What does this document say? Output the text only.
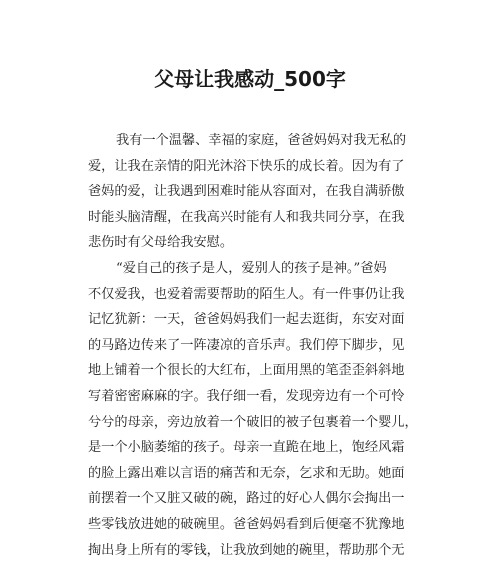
父母让我感动_500字
我有一个温馨、幸福的家庭，爸爸妈妈对我无私的
爱，让我在亲情的阳光沐浴下快乐的成长着。因为有了
爸妈的爱，让我遇到困难时能从容面对，在我自满骄傲
时能头脑清醒，在我高兴时能有人和我共同分享，在我
悲伤时有父母给我安慰。
“爱自己的孩子是人，爱别人的孩子是神。”爸妈
不仅爱我，也爱着需要帮助的陌生人。有一件事仍让我
记忆犹新：一天，爸爸妈妈我们一起去逛街，东安对面
的马路边传来了一阵凄凉的音乐声。我们停下脚步，见
地上铺着一个很长的大红布，上面用黑的笔歪歪斜斜地
写着密密麻麻的字。我仔细一看，发现旁边有一个可怜
兮兮的母亲，旁边放着一个破旧的被子包裹着一个婴儿，
是一个小脑萎缩的孩子。母亲一直跪在地上，饱经风霜
的脸上露出难以言语的痛苦和无奈，乞求和无助。她面
前摆着一个又脏又破的碗，路过的好心人偶尔会掏出一
些零钱放进她的破碗里。爸爸妈妈看到后便毫不犹豫地
掏出身上所有的零钱，让我放到她的碗里，帮助那个无
